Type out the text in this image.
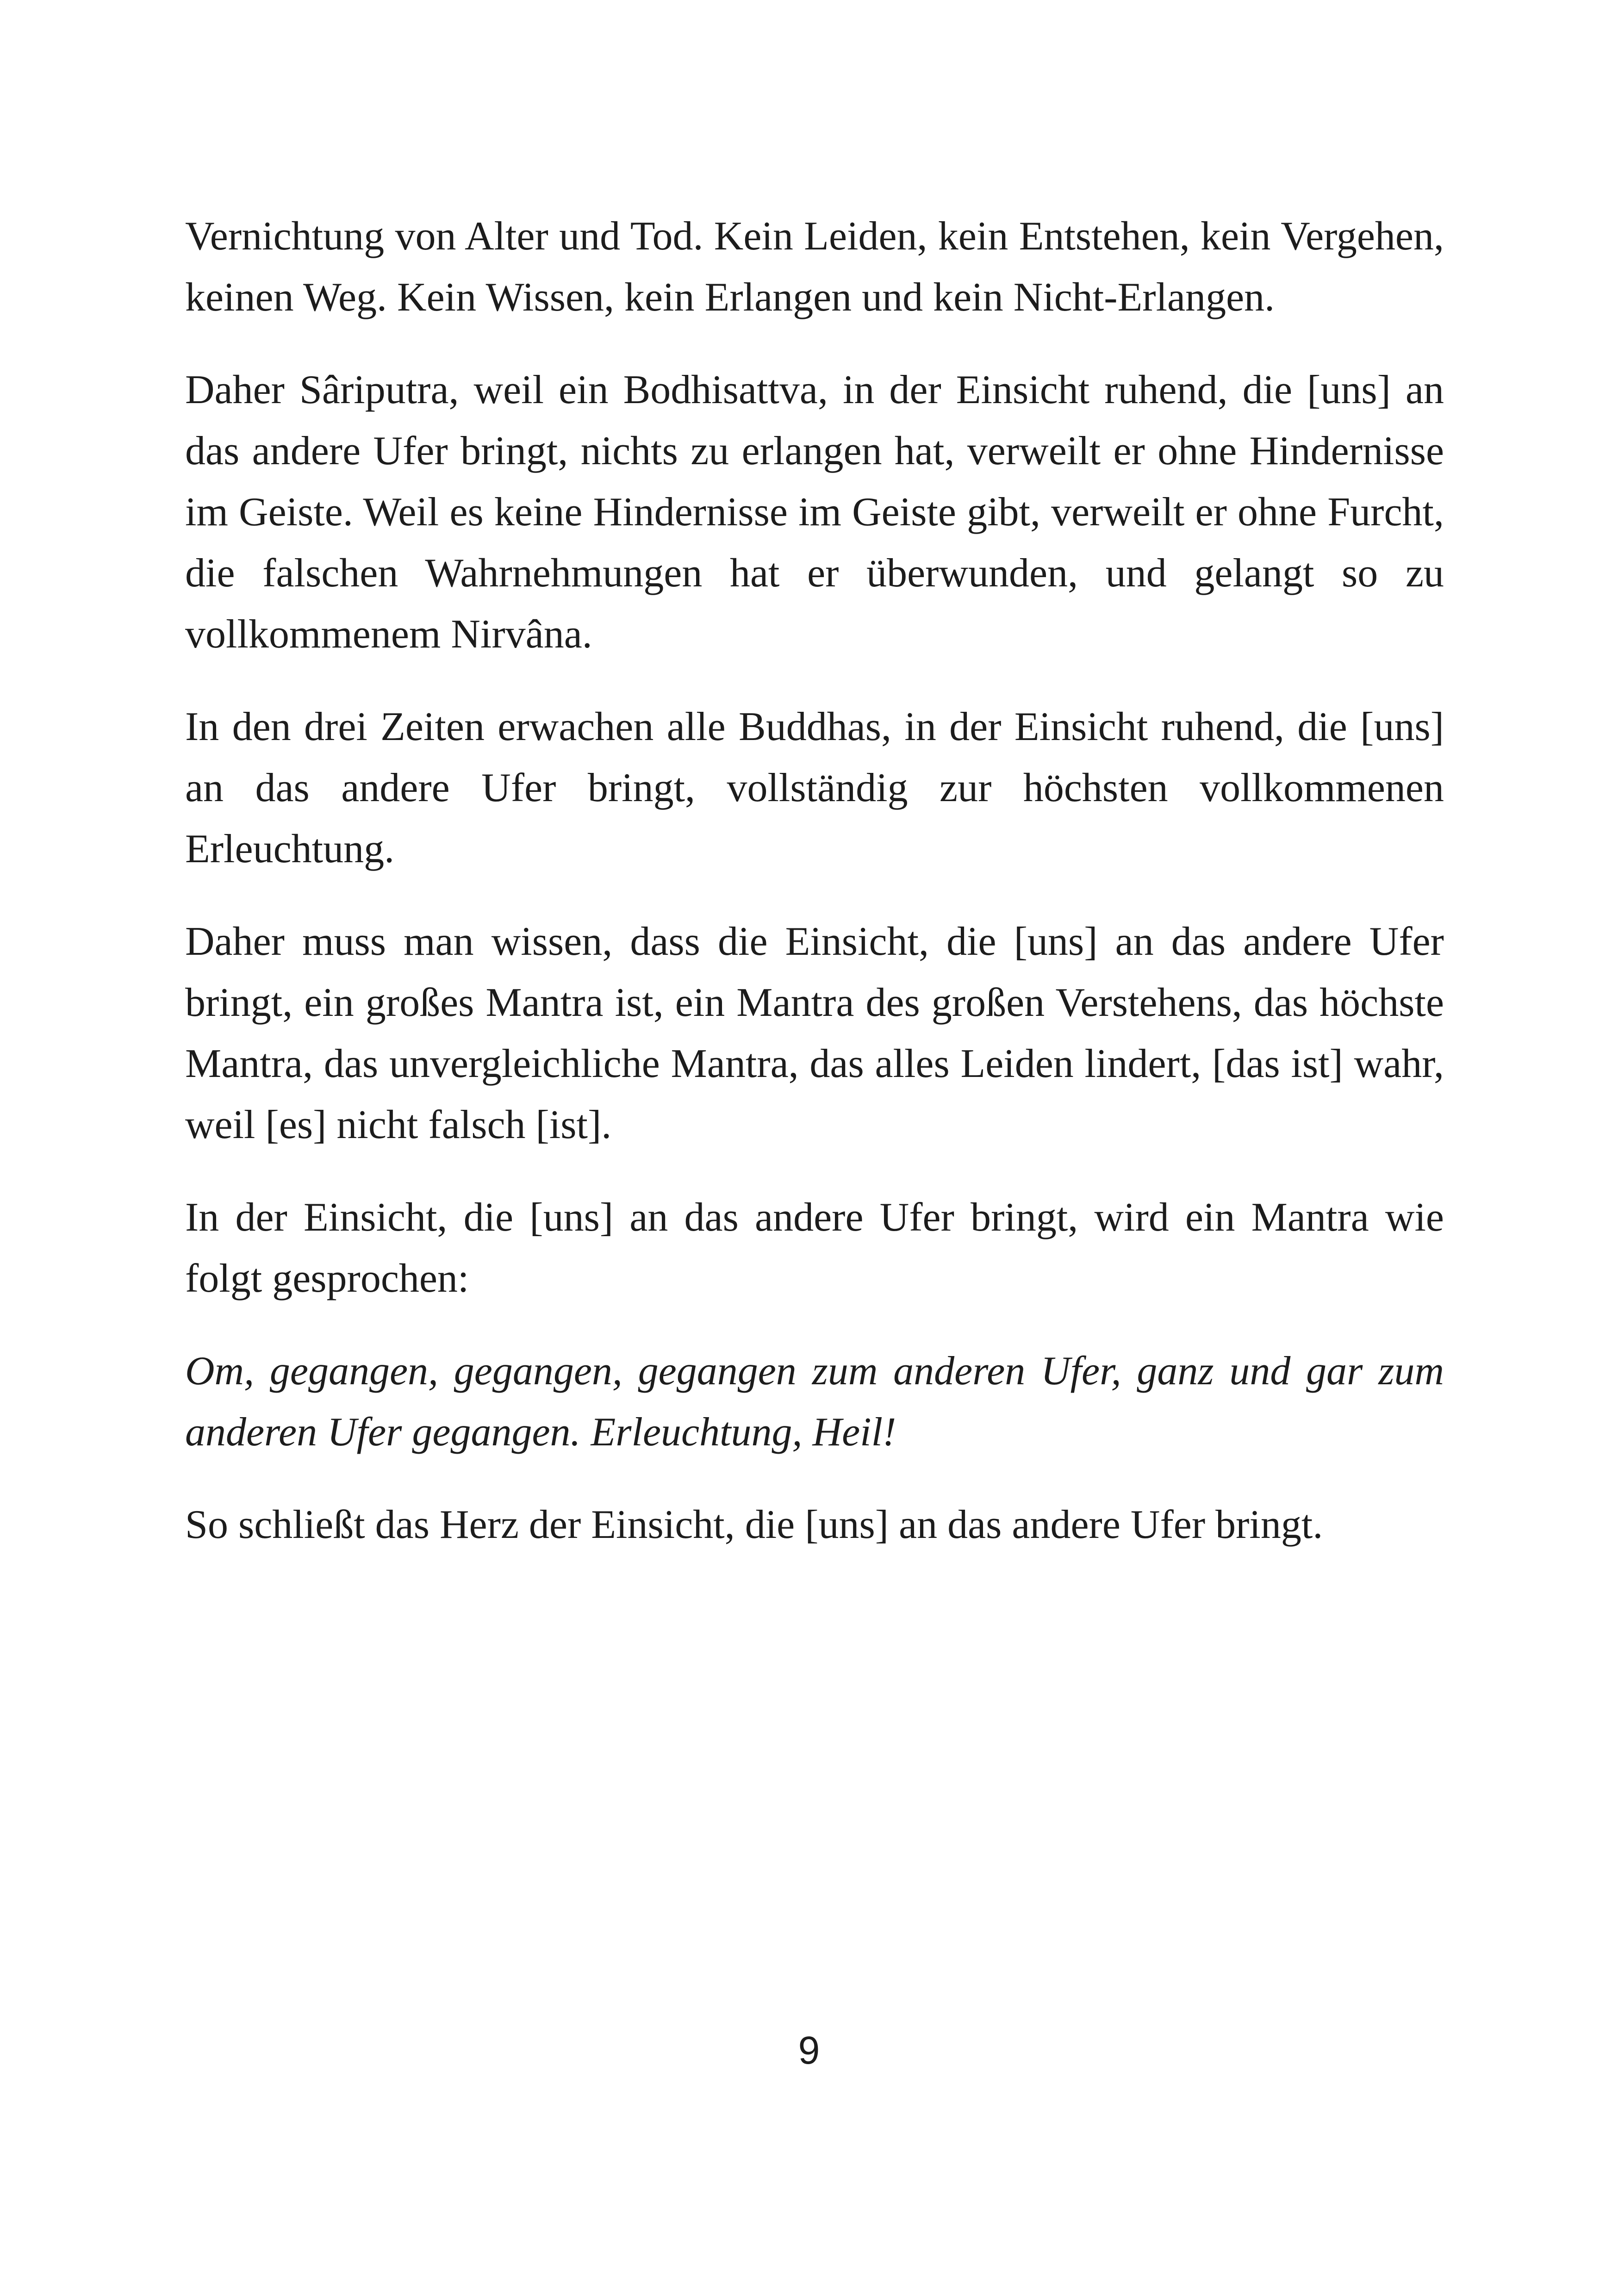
Vernichtung von Alter und Tod. Kein Leiden, kein Entstehen, kein Vergehen, keinen Weg. Kein Wissen, kein Erlangen und kein Nicht-Erlangen.

Daher Sâriputra, weil ein Bodhisattva, in der Einsicht ruhend, die [uns] an das andere Ufer bringt, nichts zu erlangen hat, verweilt er ohne Hindernisse im Geiste. Weil es keine Hindernisse im Geiste gibt, verweilt er ohne Furcht, die falschen Wahrnehmungen hat er überwunden, und gelangt so zu vollkommenem Nirvâna.

In den drei Zeiten erwachen alle Buddhas, in der Einsicht ruhend, die [uns] an das andere Ufer bringt, vollständig zur höchsten vollkommenen Erleuchtung.

Daher muss man wissen, dass die Einsicht, die [uns] an das andere Ufer bringt, ein großes Mantra ist, ein Mantra des großen Verstehens, das höchste Mantra, das unvergleichliche Mantra, das alles Leiden lindert, [das ist] wahr, weil [es] nicht falsch [ist].

In der Einsicht, die [uns] an das andere Ufer bringt, wird ein Mantra wie folgt gesprochen:

Om, gegangen, gegangen, gegangen zum anderen Ufer, ganz und gar zum anderen Ufer gegangen. Erleuchtung, Heil!

So schließt das Herz der Einsicht, die [uns] an das andere Ufer bringt.

9
